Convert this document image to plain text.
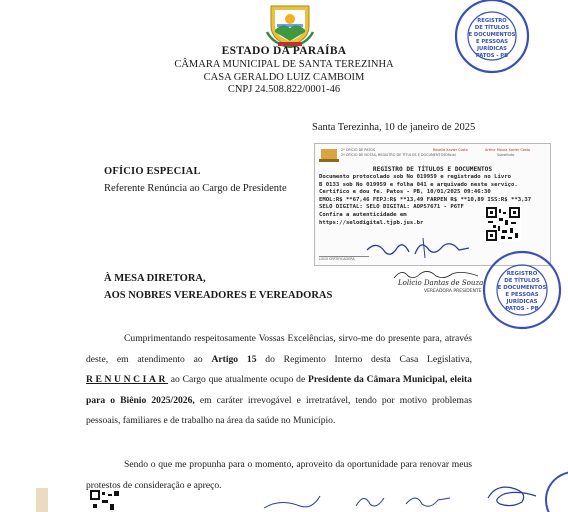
ESTADO DA PARAÍBA
CÂMARA MUNICIPAL DE SANTA TEREZINHA
CASA GERALDO LUIZ CAMBOIM
CNPJ 24.508.822/0001-46
REGISTRO
DE TÍTULOS
E DOCUMENTOS
E PESSOAS
JURÍDICAS
PATOS - PB
Santa Terezinha, 10 de janeiro de 2025
OFÍCIO ESPECIAL
Referente Renúncia ao Cargo de Presidente
2º OFÍCIO DE PATOS
2º OFÍCIO DE NOTAS, REGISTRO DE TÍTULOS E DOCUMENTOS
Roselia Xavier Costa	Arthur Moura Xavier Costa
Oficial	Substituto
REGISTRO DE TÍTULOS E DOCUMENTOS
Documento protocolado sob No 019959 e registrado no Livro
B 0133 sob No 019959 e folha 041 e arquivado neste serviço.
Certifico e dou fe. Patos - PB, 10/01/2025 09:46:30
EMOL:R$ **67,46 FEPJ:R$ **13,49 FARPEN R$ **10,89 ISS:R$ **3,37
SELO DIGITAL: SELO DIGITAL: AOP57671 - P6TF
Confira a autenticidade em
https://selodigital.tjpb.jus.br
LOGO CERTIFICADORA
REGISTRO
DE TÍTULOS
E DOCUMENTOS
E PESSOAS
JURÍDICAS
PATOS - PB
À MESA DIRETORA,
AOS NOBRES VEREADORES E VEREADORAS
Lolicio Dantas de Souza
VEREADORA PRESIDENTE
Cumprimentando respeitosamente Vossas Excelências, sirvo-me do presente para, através deste, em atendimento ao Artigo 15 do Regimento Interno desta Casa Legislativa, RENUNCIAR ao Cargo que atualmente ocupo de Presidente da Câmara Municipal, eleita para o Biênio 2025/2026, em caráter irrevogável e irretratável, tendo por motivo problemas pessoais, familiares e de trabalho na área da saúde no Município.
Sendo o que me propunha para o momento, aproveito da oportunidade para renovar meus protestos de consideração e apreço.
